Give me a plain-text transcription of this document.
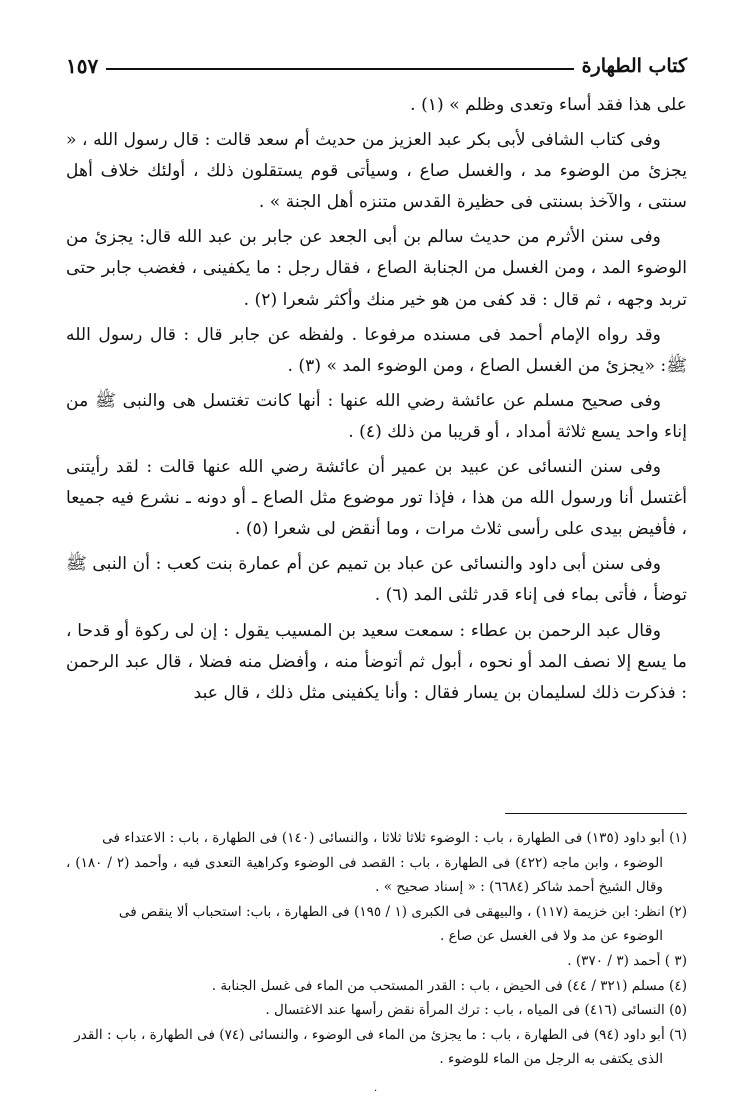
كتاب الطهارة
١٥٧

على هذا فقد أساء وتعدى وظلم » (١) .

وفى كتاب الشافى لأبى بكر عبد العزيز من حديث أم سعد قالت : قال رسول الله ، « يجزئ من الوضوء مد ، والغسل صاع ، وسيأتى قوم يستقلون ذلك ، أولئك خلاف أهل سنتى ، والآخذ بسنتى فى حظيرة القدس متنزه أهل الجنة » .

وفى سنن الأثرم من حديث سالم بن أبى الجعد عن جابر بن عبد الله قال: يجزئ من الوضوء المد ، ومن الغسل من الجنابة الصاع ، فقال رجل : ما يكفينى ، فغضب جابر حتى تربد وجهه ، ثم قال : قد كفى من هو خير منك وأكثر شعرا (٢) .

وقد رواه الإمام أحمد فى مسنده مرفوعا . ولفظه عن جابر قال : قال رسول الله ﷺ: «يجزئ من الغسل الصاع ، ومن الوضوء المد » (٣) .

وفى صحيح مسلم عن عائشة رضي الله عنها : أنها كانت تغتسل هى والنبى ﷺ من إناء واحد يسع ثلاثة أمداد ، أو قريبا من ذلك (٤) .

وفى سنن النسائى عن عبيد بن عمير أن عائشة رضي الله عنها قالت : لقد رأيتنى أغتسل أنا ورسول الله من هذا ، فإذا تور موضوع مثل الصاع ـ أو دونه ـ نشرع فيه جميعا ، فأفيض بيدى على رأسى ثلاث مرات ، وما أنقض لى شعرا (٥) .

وفى سنن أبى داود والنسائى عن عباد بن تميم عن أم عمارة بنت كعب : أن النبى ﷺ توضأ ، فأتى بماء فى إناء قدر ثلثى المد (٦) .

وقال عبد الرحمن بن عطاء : سمعت سعيد بن المسيب يقول : إن لى ركوة أو قدحا ، ما يسع إلا نصف المد أو نحوه ، أبول ثم أتوضأ منه ، وأفضل منه فضلا ، قال عبد الرحمن : فذكرت ذلك لسليمان بن يسار فقال : وأنا يكفينى مثل ذلك ، قال عبد

(١) أبو داود (١٣٥) فى الطهارة ، باب : الوضوء ثلاثا ثلاثا ، والنسائى (١٤٠) فى الطهارة ، باب : الاعتداء فى
الوضوء ، وابن ماجه (٤٢٢) فى الطهارة ، باب : القصد فى الوضوء وكراهية التعدى فيه ، وأحمد (٢ / ١٨٠) ، وقال الشيخ أحمد شاكر (٦٦٨٤) : « إسناد صحيح » .

(٢) انظر: ابن خزيمة (١١٧) ، والبيهقى فى الكبرى (١ / ١٩٥) فى الطهارة ، باب: استحباب ألا ينقص فى
الوضوء عن مد ولا فى الغسل عن صاع .

(٣ ) أحمد (٣ / ٣٧٠) .

(٤) مسلم (٣٢١ / ٤٤) فى الحيض ، باب : القدر المستحب من الماء فى غسل الجنابة .

(٥) النسائى (٤١٦) فى المياه ، باب : ترك المرأة نقض رأسها عند الاغتسال .

(٦) أبو داود (٩٤) فى الطهارة ، باب : ما يجزئ من الماء فى الوضوء ، والنسائى (٧٤) فى الطهارة ، باب : القدر
الذى يكتفى به الرجل من الماء للوضوء .

·
